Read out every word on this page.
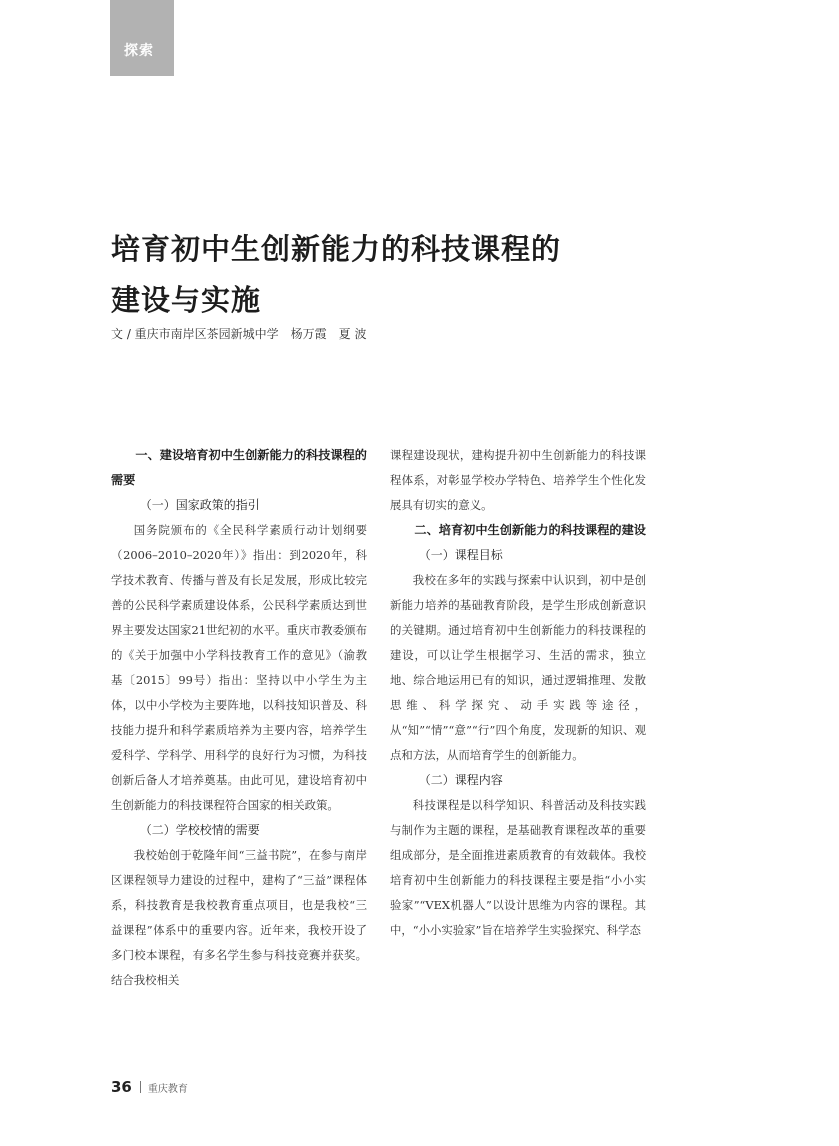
探索
培育初中生创新能力的科技课程的
建设与实施
文 / 重庆市南岸区茶园新城中学　杨万霞　夏 波

一、建设培育初中生创新能力的科技课程的需要

（一）国家政策的指引

国务院颁布的《全民科学素质行动计划纲要（2006–2010–2020年）》指出：到2020年，科学技术教育、传播与普及有长足发展，形成比较完善的公民科学素质建设体系，公民科学素质达到世界主要发达国家21世纪初的水平。重庆市教委颁布的《关于加强中小学科技教育工作的意见》（渝教基〔2015〕99号）指出：坚持以中小学生为主体，以中小学校为主要阵地，以科技知识普及、科技能力提升和科学素质培养为主要内容，培养学生爱科学、学科学、用科学的良好行为习惯，为科技创新后备人才培养奠基。由此可见，建设培育初中生创新能力的科技课程符合国家的相关政策。

（二）学校校情的需要

我校始创于乾隆年间“三益书院”，在参与南岸区课程领导力建设的过程中，建构了“三益”课程体系，科技教育是我校教育重点项目，也是我校“三益课程”体系中的重要内容。近年来，我校开设了多门校本课程，有多名学生参与科技竞赛并获奖。结合我校相关

课程建设现状，建构提升初中生创新能力的科技课程体系，对彰显学校办学特色、培养学生个性化发展具有切实的意义。

二、培育初中生创新能力的科技课程的建设

（一）课程目标

我校在多年的实践与探索中认识到，初中是创新能力培养的基础教育阶段，是学生形成创新意识的关键期。通过培育初中生创新能力的科技课程的建设，可以让学生根据学习、生活的需求，独立地、综合地运用已有的知识，通过逻辑推理、发散思维、科学探究、动手实践等途径，从“知”“情”“意”“行”四个角度，发现新的知识、观点和方法，从而培育学生的创新能力。

（二）课程内容

科技课程是以科学知识、科普活动及科技实践与制作为主题的课程，是基础教育课程改革的重要组成部分，是全面推进素质教育的有效载体。我校培育初中生创新能力的科技课程主要是指“小小实验家”“VEX机器人”以设计思维为内容的课程。其中，“小小实验家”旨在培养学生实验探究、科学态

36 重庆教育
